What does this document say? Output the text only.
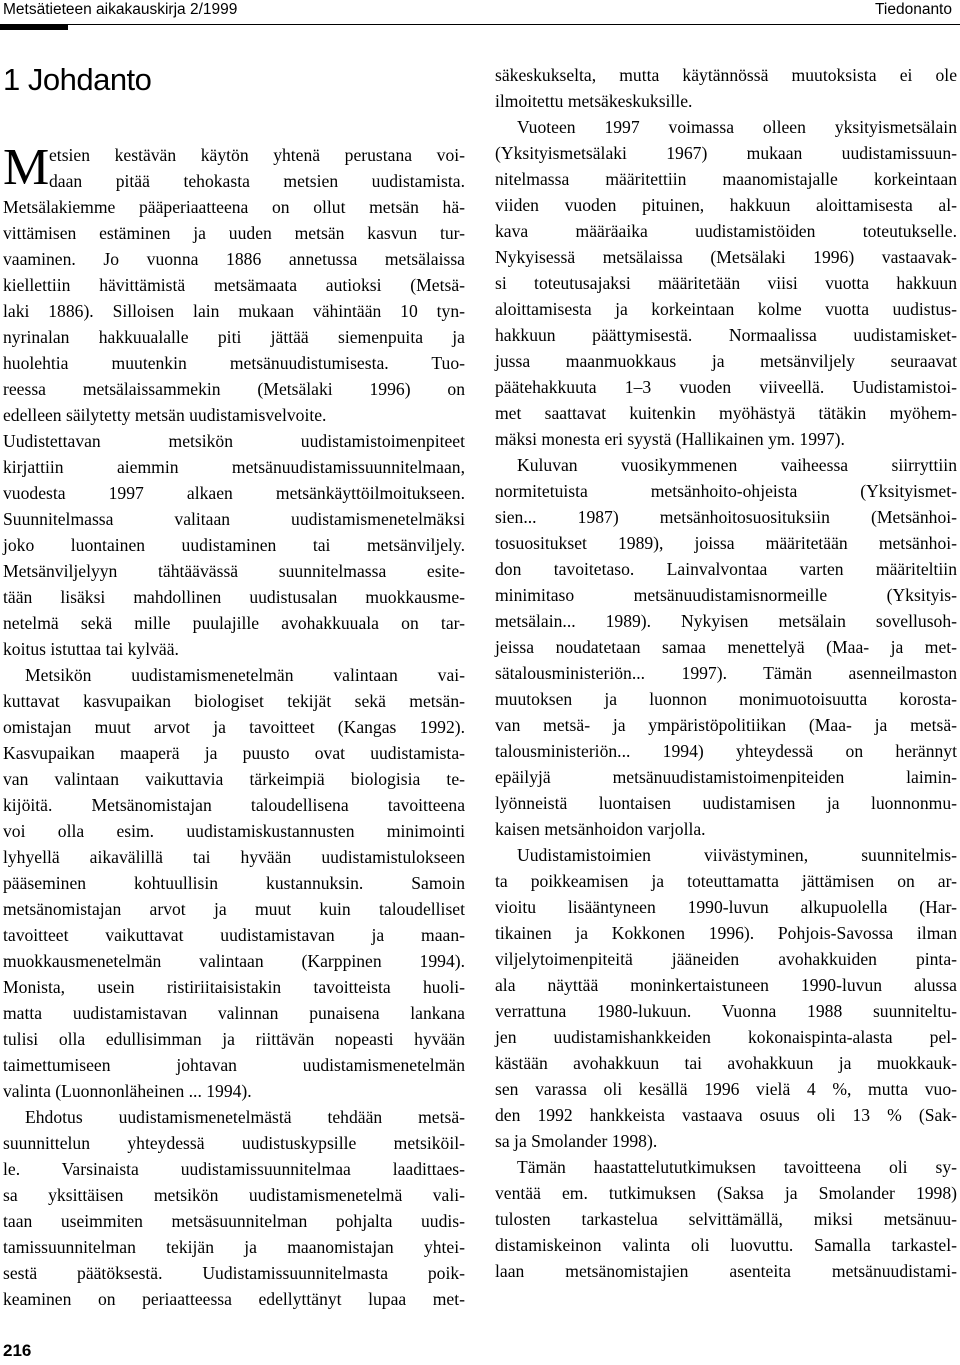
Metsätieteen aikakauskirja 2/1999	Tiedonanto
1 Johdanto
M etsien kestävän käytön yhtenä perustana voi-
daan pitää tehokasta metsien uudistamista.
Metsälakiemme pääperiaatteena on ollut metsän hä-
vittämisen estäminen ja uuden metsän kasvun tur-
vaaminen. Jo vuonna 1886 annetussa metsälaissa
kiellettiin hävittämistä metsämaata autioksi (Metsä-
laki 1886). Silloisen lain mukaan vähintään 10 tyn-
nyrinalan hakkuualalle piti jättää siemenpuita ja
huolehtia muutenkin metsänuudistumisesta. Tuo-
reessa metsälaissammekin (Metsälaki 1996) on
edelleen säilytetty metsän uudistamisvelvoite.
Uudistettavan metsikön uudistamistoimenpiteet
kirjattiin aiemmin metsänuudistamissuunnitelmaan,
vuodesta 1997 alkaen metsänkäyttöilmoitukseen.
Suunnitelmassa valitaan uudistamismenetelmäksi
joko luontainen uudistaminen tai metsänviljely.
Metsänviljelyyn tähtäävässä suunnitelmassa esite-
tään lisäksi mahdollinen uudistusalan muokkausme-
netelmä sekä mille puulajille avohakkuuala on tar-
koitus istuttaa tai kylvää.
Metsikön uudistamismenetelmän valintaan vai-
kuttavat kasvupaikan biologiset tekijät sekä metsän-
omistajan muut arvot ja tavoitteet (Kangas 1992).
Kasvupaikan maaperä ja puusto ovat uudistamista-
van valintaan vaikuttavia tärkeimpiä biologisia te-
kijöitä. Metsänomistajan taloudellisena tavoitteena
voi olla esim. uudistamiskustannusten minimointi
lyhyellä aikavälillä tai hyvään uudistamistulokseen
pääseminen kohtuullisin kustannuksin. Samoin
metsänomistajan arvot ja muut kuin taloudelliset
tavoitteet vaikuttavat uudistamistavan ja maan-
muokkausmenetelmän valintaan (Karppinen 1994).
Monista, usein ristiriitaisistakin tavoitteista huoli-
matta uudistamistavan valinnan punaisena lankana
tulisi olla edullisimman ja riittävän nopeasti hyvään
taimettumiseen johtavan uudistamismenetelmän
valinta (Luonnonläheinen ... 1994).
Ehdotus uudistamismenetelmästä tehdään metsä-
suunnittelun yhteydessä uudistuskypsille metsiköil-
le. Varsinaista uudistamissuunnitelmaa laadittaes-
sa yksittäisen metsikön uudistamismenetelmä vali-
taan useimmiten metsäsuunnitelman pohjalta uudis-
tamissuunnitelman tekijän ja maanomistajan yhtei-
sestä päätöksestä. Uudistamissuunnitelmasta poik-
keaminen on periaatteessa edellyttänyt lupaa met-
säkeskukselta, mutta käytännössä muutoksista ei ole
ilmoitettu metsäkeskuksille.
Vuoteen 1997 voimassa olleen yksityismetsälain
(Yksityismetsälaki 1967) mukaan uudistamissuun-
nitelmassa määritettiin maanomistajalle korkeintaan
viiden vuoden pituinen, hakkuun aloittamisesta al-
kava määräaika uudistamistöiden toteutukselle.
Nykyisessä metsälaissa (Metsälaki 1996) vastaavak-
si toteutusajaksi määritetään viisi vuotta hakkuun
aloittamisesta ja korkeintaan kolme vuotta uudistus-
hakkuun päättymisestä. Normaalissa uudistamisket-
jussa maanmuokkaus ja metsänviljely seuraavat
päätehakkuuta 1–3 vuoden viiveellä. Uudistamistoi-
met saattavat kuitenkin myöhästyä tätäkin myöhem-
mäksi monesta eri syystä (Hallikainen ym. 1997).
Kuluvan vuosikymmenen vaiheessa siirryttiin
normitetuista metsänhoito-ohjeista (Yksityismet-
sien... 1987) metsänhoitosuosituksiin (Metsänhoi-
tosuositukset 1989), joissa määritetään metsänhoi-
don tavoitetaso. Lainvalvontaa varten määriteltiin
minimitaso metsänuudistamisnormeille (Yksityis-
metsälain... 1989). Nykyisen metsälain sovellusoh-
jeissa noudatetaan samaa menettelyä (Maa- ja met-
sätalousministeriön... 1997). Tämän asenneilmaston
muutoksen ja luonnon monimuotoisuutta korosta-
van metsä- ja ympäristöpolitiikan (Maa- ja metsä-
talousministeriön... 1994) yhteydessä on herännyt
epäilyjä metsänuudistamistoimenpiteiden laimin-
lyönneistä luontaisen uudistamisen ja luonnonmu-
kaisen metsänhoidon varjolla.
Uudistamistoimien viivästyminen, suunnitelmis-
ta poikkeamisen ja toteuttamatta jättämisen on ar-
vioitu lisääntyneen 1990-luvun alkupuolella (Har-
tikainen ja Kokkonen 1996). Pohjois-Savossa ilman
viljelytoimenpiteitä jääneiden avohakkuiden pinta-
ala näyttää moninkertaistuneen 1990-luvun alussa
verrattuna 1980-lukuun. Vuonna 1988 suunniteltu-
jen uudistamishankkeiden kokonaispinta-alasta pel-
kästään avohakkuun tai avohakkuun ja muokkauk-
sen varassa oli kesällä 1996 vielä 4 %, mutta vuo-
den 1992 hankkeista vastaava osuus oli 13 % (Sak-
sa ja Smolander 1998).
Tämän haastattelututkimuksen tavoitteena oli sy-
ventää em. tutkimuksen (Saksa ja Smolander 1998)
tulosten tarkastelua selvittämällä, miksi metsänuu-
distamiskeinon valinta oli luovuttu. Samalla tarkastel-
laan metsänomistajien asenteita metsänuudistami-
216
